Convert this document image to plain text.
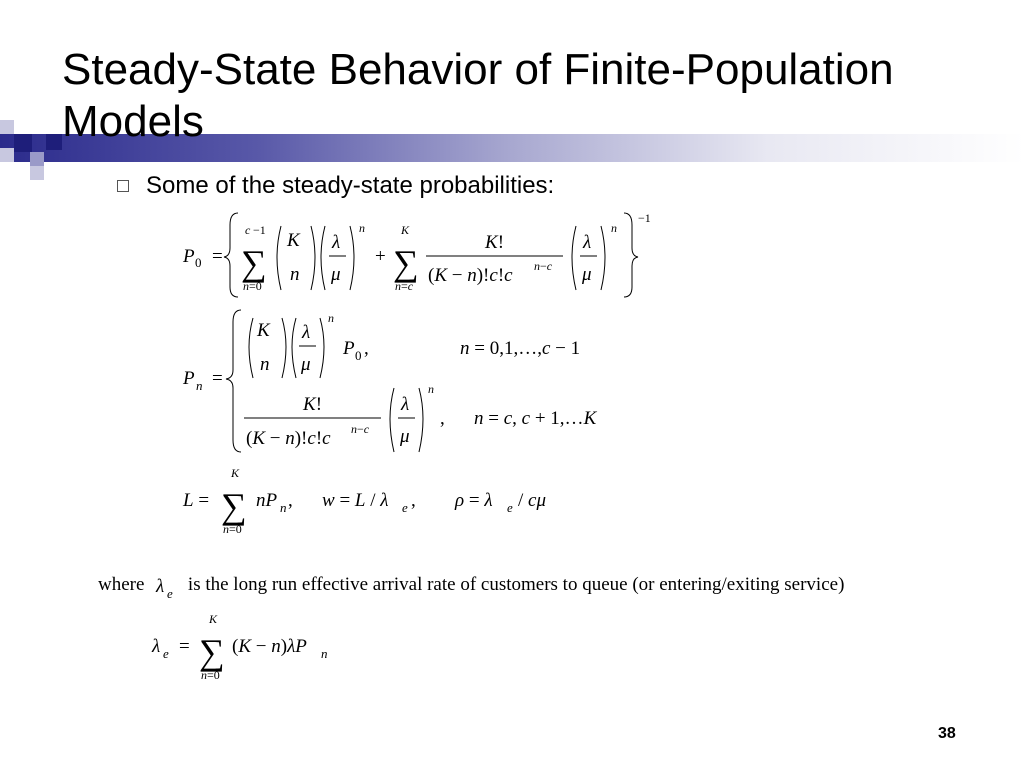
Steady-State Behavior of Finite-Population
Models
Some of the steady-state probabilities:
P 0 =
c −1
∑
n=0
K
n
λ
μ
n
+
K
∑
n=c
K!
(K − n)!c!c n−c
λ
μ
n
−1
P n =
K
n
λ
μ
n
P 0 ,	n = 0,1,…,c − 1
K!
(K − n)!c!c n−c
λ
μ
n
, n = c, c + 1,…K
L =
K
∑
n=0
nP n , w = L / λ e , ρ = λ e / cμ
λ e
λ e =
K
∑
n=0
(K − n)λP n
where is the long run effective arrival rate of customers to queue (or entering/exiting service)
38
